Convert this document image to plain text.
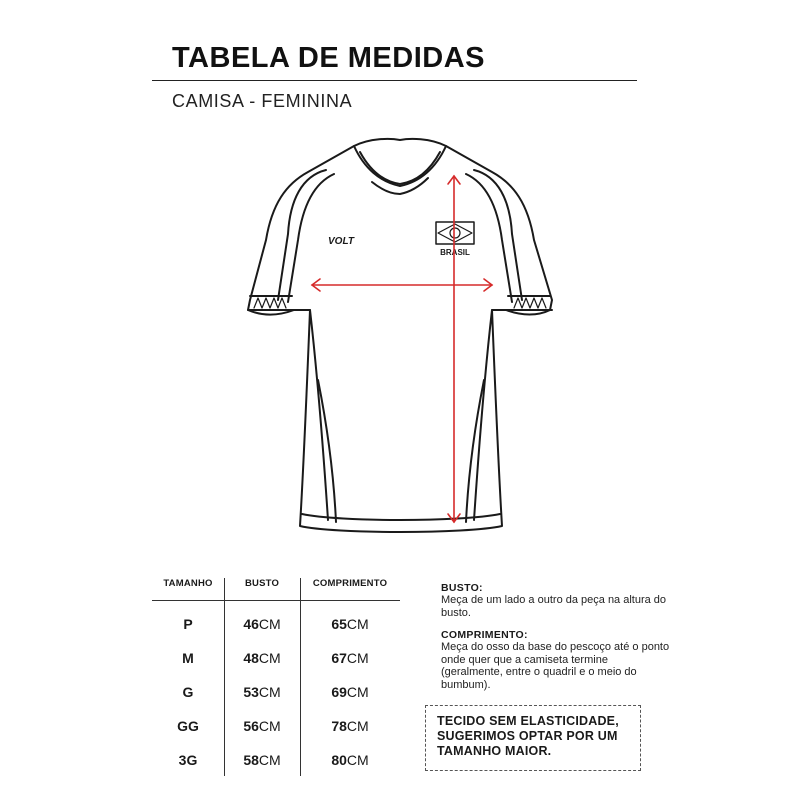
TABELA DE MEDIDAS
CAMISA - FEMININA
VOLT
BRASIL
TAMANHO	BUSTO	COMPRIMENTO
P	46CM	65CM
M	48CM	67CM
G	53CM	69CM
GG	56CM	78CM
3G	58CM	80CM
BUSTO:
Meça de um lado a outro da peça na altura do busto.
COMPRIMENTO:
Meça do osso da base do pescoço até o ponto onde quer que a camiseta termine (geralmente, entre o quadril e o meio do bumbum).
TECIDO SEM ELASTICIDADE, SUGERIMOS OPTAR POR UM TAMANHO MAIOR.
